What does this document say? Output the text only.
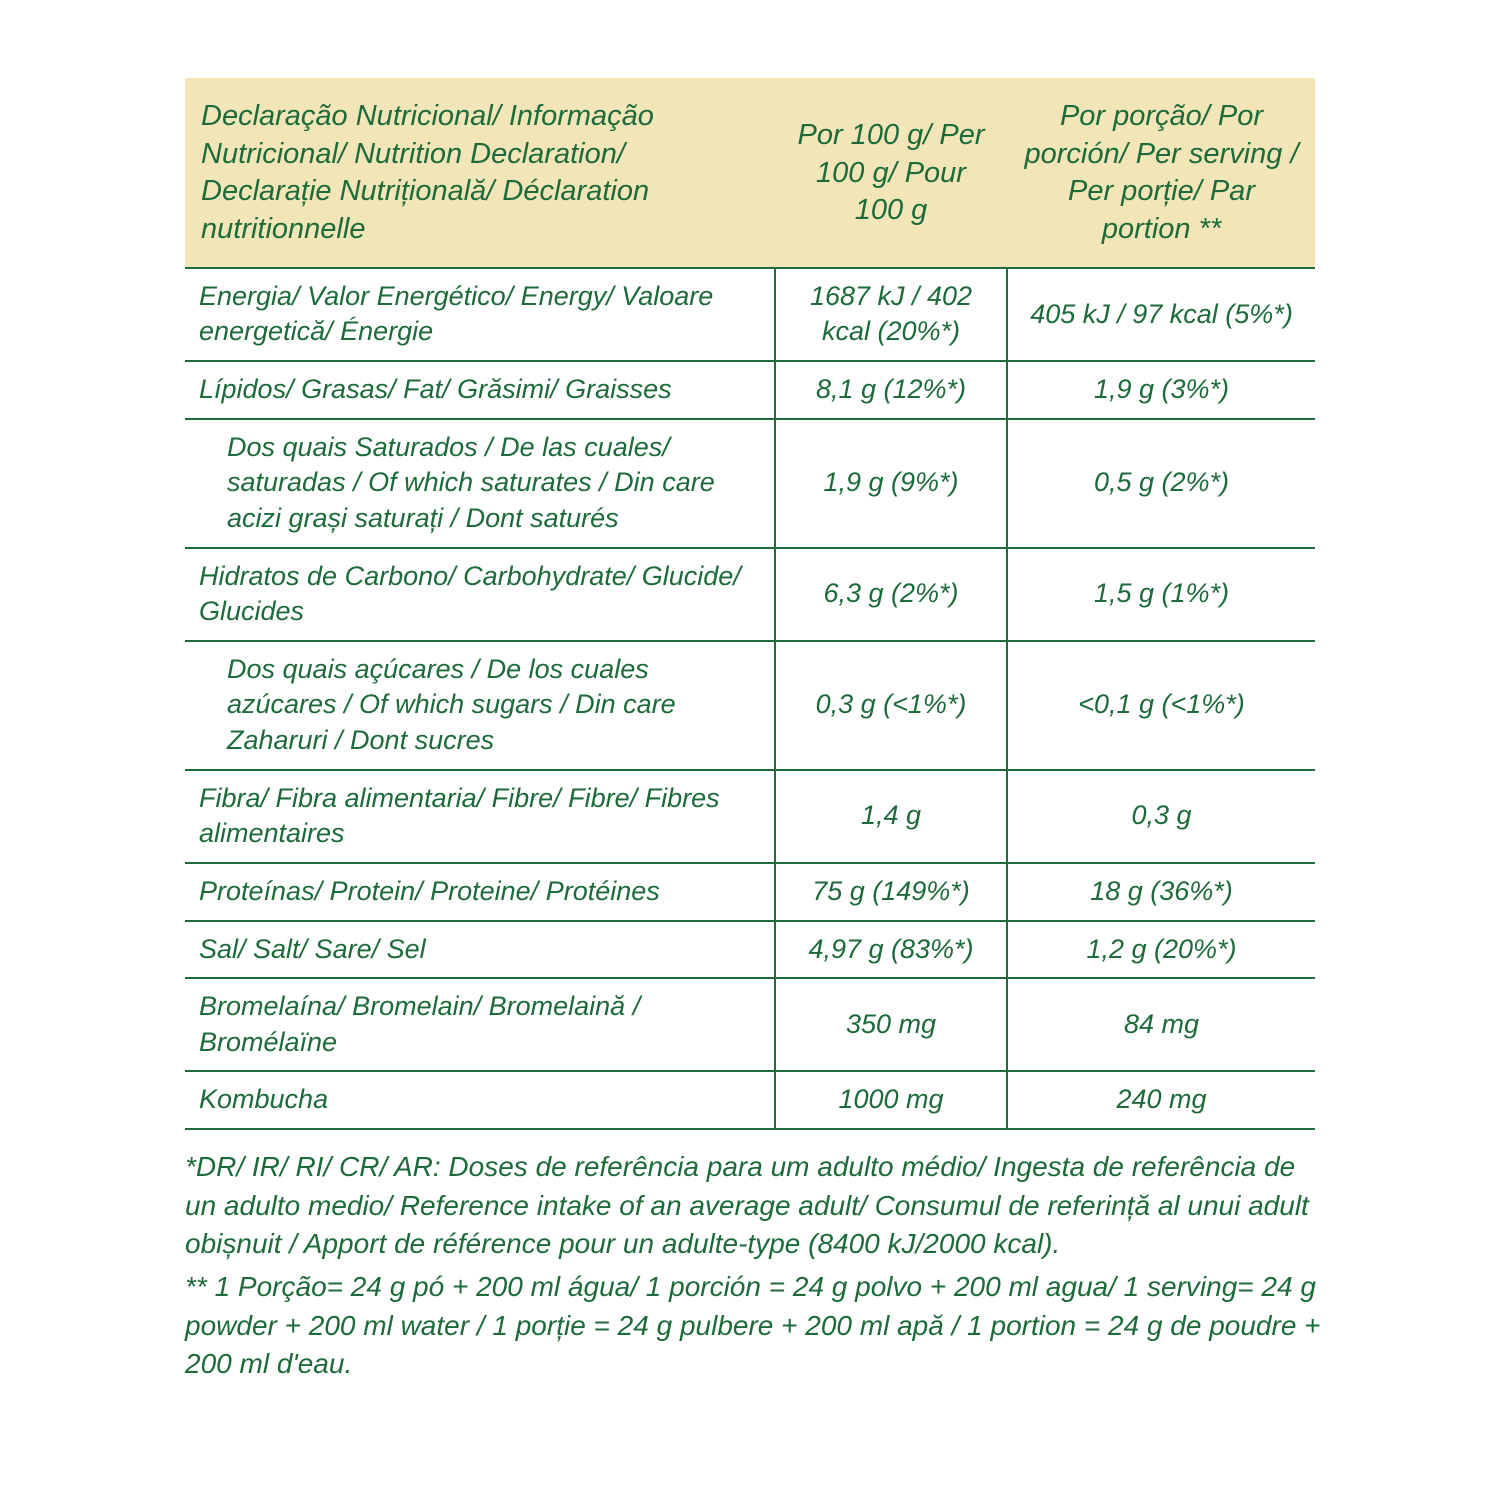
Declaração Nutricional/ Informação Nutricional/ Nutrition Declaration/ Declarație Nutrițională/ Déclaration nutritionnelle	Por 100 g/ Per 100 g/ Pour 100 g	Por porção/ Por porción/ Per serving / Per porție/ Par portion **
Energia/ Valor Energético/ Energy/ Valoare energetică/ Énergie	1687 kJ / 402 kcal (20%*)	405 kJ / 97 kcal (5%*)
Lípidos/ Grasas/ Fat/ Grăsimi/ Graisses	8,1 g (12%*)	1,9 g (3%*)
Dos quais Saturados / De las cuales/ saturadas / Of which saturates / Din care acizi grași saturați / Dont saturés	1,9 g (9%*)	0,5 g (2%*)
Hidratos de Carbono/ Carbohydrate/ Glucide/ Glucides	6,3 g (2%*)	1,5 g (1%*)
Dos quais açúcares / De los cuales azúcares / Of which sugars / Din care Zaharuri / Dont sucres	0,3 g (<1%*)	<0,1 g (<1%*)
Fibra/ Fibra alimentaria/ Fibre/ Fibre/ Fibres alimentaires	1,4 g	0,3 g
Proteínas/ Protein/ Proteine/ Protéines	75 g (149%*)	18 g (36%*)
Sal/ Salt/ Sare/ Sel	4,97 g (83%*)	1,2 g (20%*)
Bromelaína/ Bromelain/ Bromelaină / Bromélaïne	350 mg	84 mg
Kombucha	1000 mg	240 mg

*DR/ IR/ RI/ CR/ AR: Doses de referência para um adulto médio/ Ingesta de referência de un adulto medio/ Reference intake of an average adult/ Consumul de referință al unui adult obișnuit / Apport de référence pour un adulte-type (8400 kJ/2000 kcal).

** 1 Porção= 24 g pó + 200 ml água/ 1 porción = 24 g polvo + 200 ml agua/ 1 serving= 24 g powder + 200 ml water / 1 porție = 24 g pulbere + 200 ml apă / 1 portion = 24 g de poudre + 200 ml d'eau.
